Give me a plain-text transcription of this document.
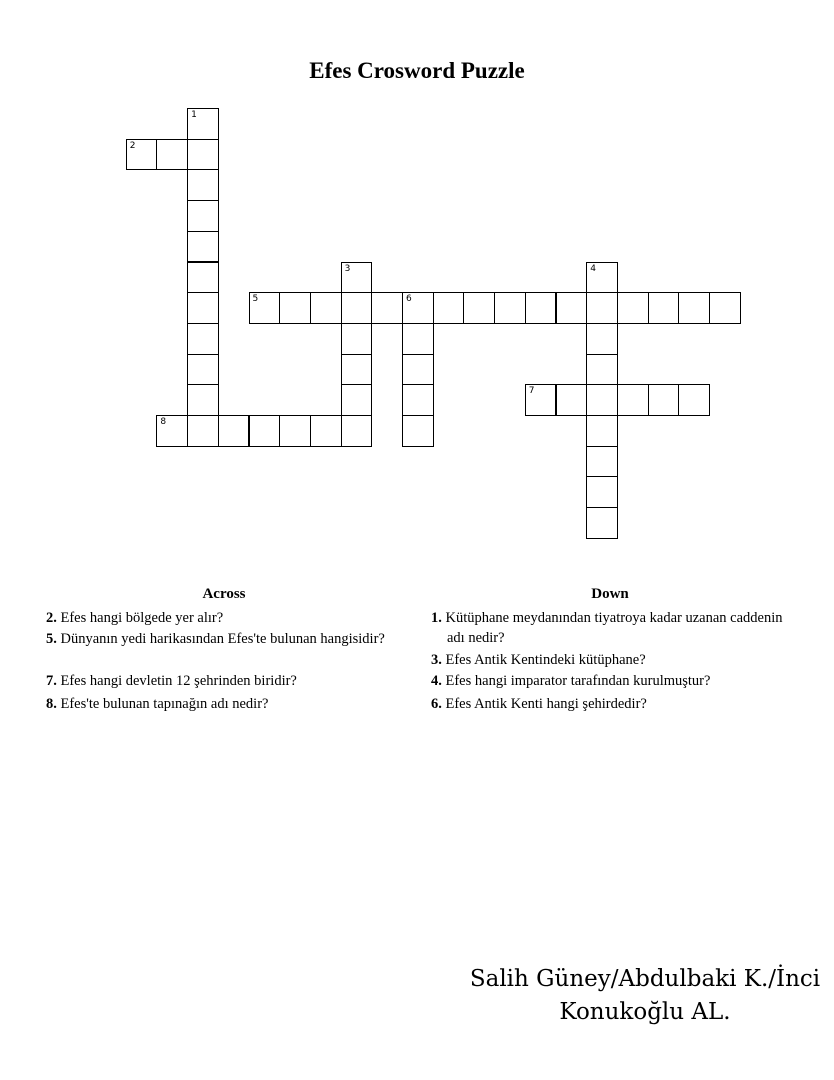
Efes Crosword Puzzle
1
2
3	4
5	6
7
8
Across	Down
2. Efes hangi bölgede yer alır?
5. Dünyanın yedi harikasından Efes'te bulunan hangisidir?
7. Efes hangi devletin 12 şehrinden biridir?
8. Efes'te bulunan tapınağın adı nedir?
1. Kütüphane meydanından tiyatroya kadar uzanan caddenin adı nedir?
3. Efes Antik Kentindeki kütüphane?
4. Efes hangi imparator tarafından kurulmuştur?
6. Efes Antik Kenti hangi şehirdedir?
Salih Güney/Abdulbaki K./İnci
Konukoğlu AL.
